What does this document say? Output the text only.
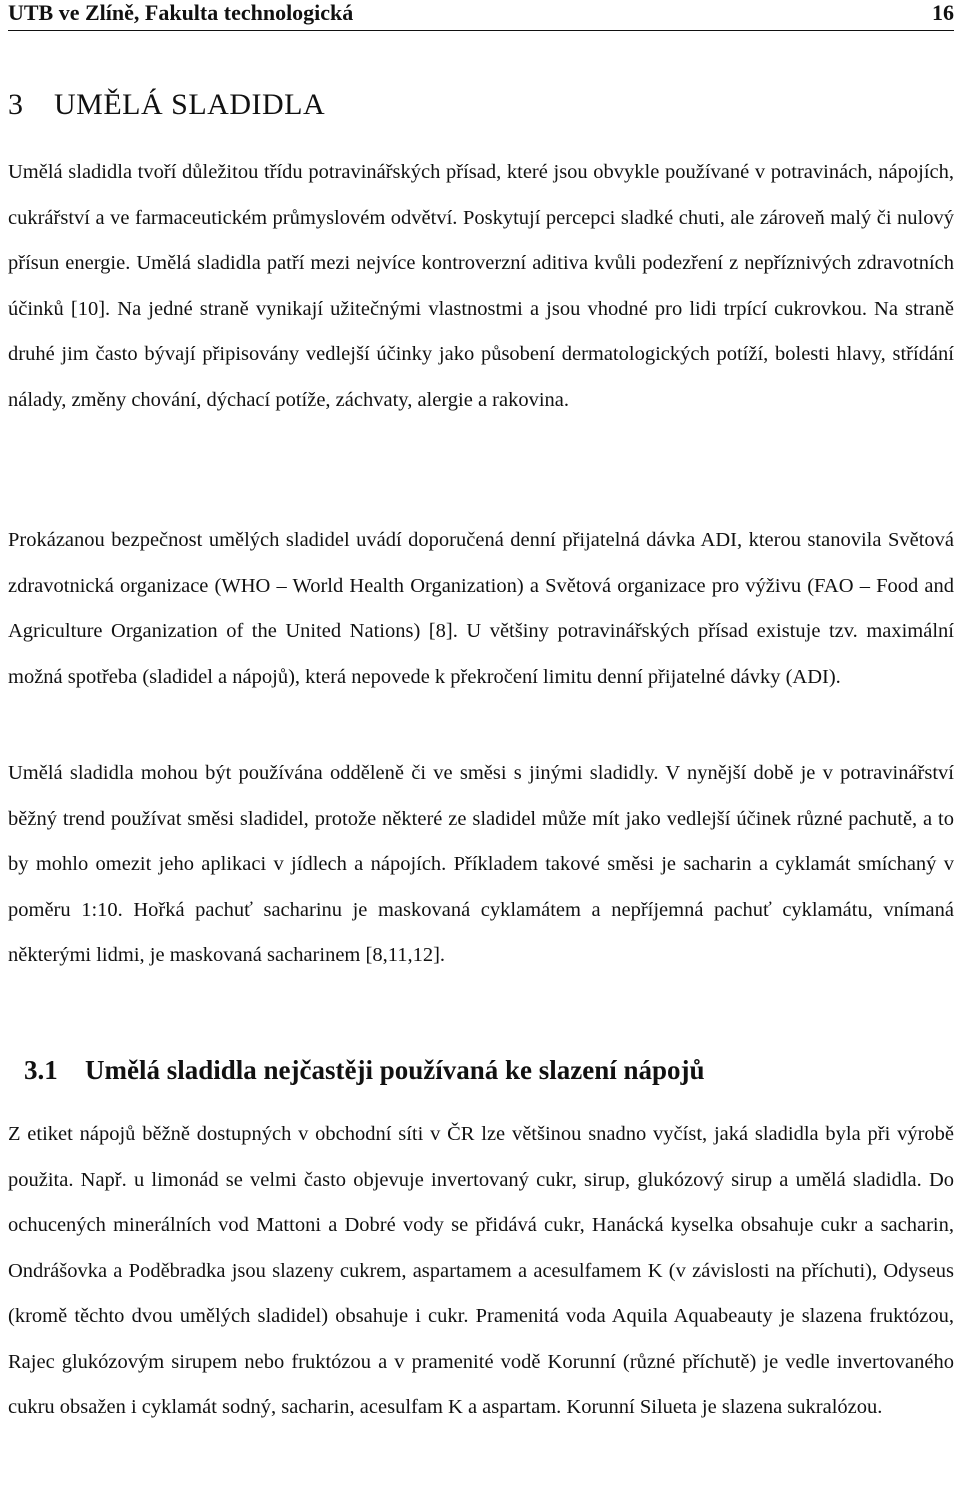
UTB ve Zlíně, Fakulta technologická	16
3 UMĚLÁ SLADIDLA

Umělá sladidla tvoří důležitou třídu potravinářských přísad, které jsou obvykle používané v potravinách, nápojích, cukrářství a ve farmaceutickém průmyslovém odvětví. Poskytují percepci sladké chuti, ale zároveň malý či nulový přísun energie. Umělá sladidla patří mezi nejvíce kontroverzní aditiva kvůli podezření z nepříznivých zdravotních účinků [10]. Na jedné straně vynikají užitečnými vlastnostmi a jsou vhodné pro lidi trpící cukrovkou. Na straně druhé jim často bývají připisovány vedlejší účinky jako působení dermatologických potíží, bolesti hlavy, střídání nálady, změny chování, dýchací potíže, záchvaty, alergie a rakovina.

Prokázanou bezpečnost umělých sladidel uvádí doporučená denní přijatelná dávka ADI, kterou stanovila Světová zdravotnická organizace (WHO – World Health Organization) a Světová organizace pro výživu (FAO – Food and Agriculture Organization of the United Nations) [8]. U většiny potravinářských přísad existuje tzv. maximální možná spotřeba (sladidel a nápojů), která nepovede k překročení limitu denní přijatelné dávky (ADI).

Umělá sladidla mohou být používána odděleně či ve směsi s jinými sladidly. V nynější době je v potravinářství běžný trend používat směsi sladidel, protože některé ze sladidel může mít jako vedlejší účinek různé pachutě, a to by mohlo omezit jeho aplikaci v jídlech a nápojích. Příkladem takové směsi je sacharin a cyklamát smíchaný v poměru 1:10. Hořká pachuť sacharinu je maskovaná cyklamátem a nepříjemná pachuť cyklamátu, vnímaná některými lidmi, je maskovaná sacharinem [8,11,12].

3.1 Umělá sladidla nejčastěji používaná ke slazení nápojů

Z etiket nápojů běžně dostupných v obchodní síti v ČR lze většinou snadno vyčíst, jaká sladidla byla při výrobě použita. Např. u limonád se velmi často objevuje invertovaný cukr, sirup, glukózový sirup a umělá sladidla. Do ochucených minerálních vod Mattoni a Dobré vody se přidává cukr, Hanácká kyselka obsahuje cukr a sacharin, Ondrášovka a Poděbradka jsou slazeny cukrem, aspartamem a acesulfamem K (v závislosti na příchuti), Odyseus (kromě těchto dvou umělých sladidel) obsahuje i cukr. Pramenitá voda Aquila Aquabeauty je slazena fruktózou, Rajec glukózovým sirupem nebo fruktózou a v pramenité vodě Korunní (různé příchutě) je vedle invertovaného cukru obsažen i cyklamát sodný, sacharin, acesulfam K a aspartam. Korunní Silueta je slazena sukralózou.
